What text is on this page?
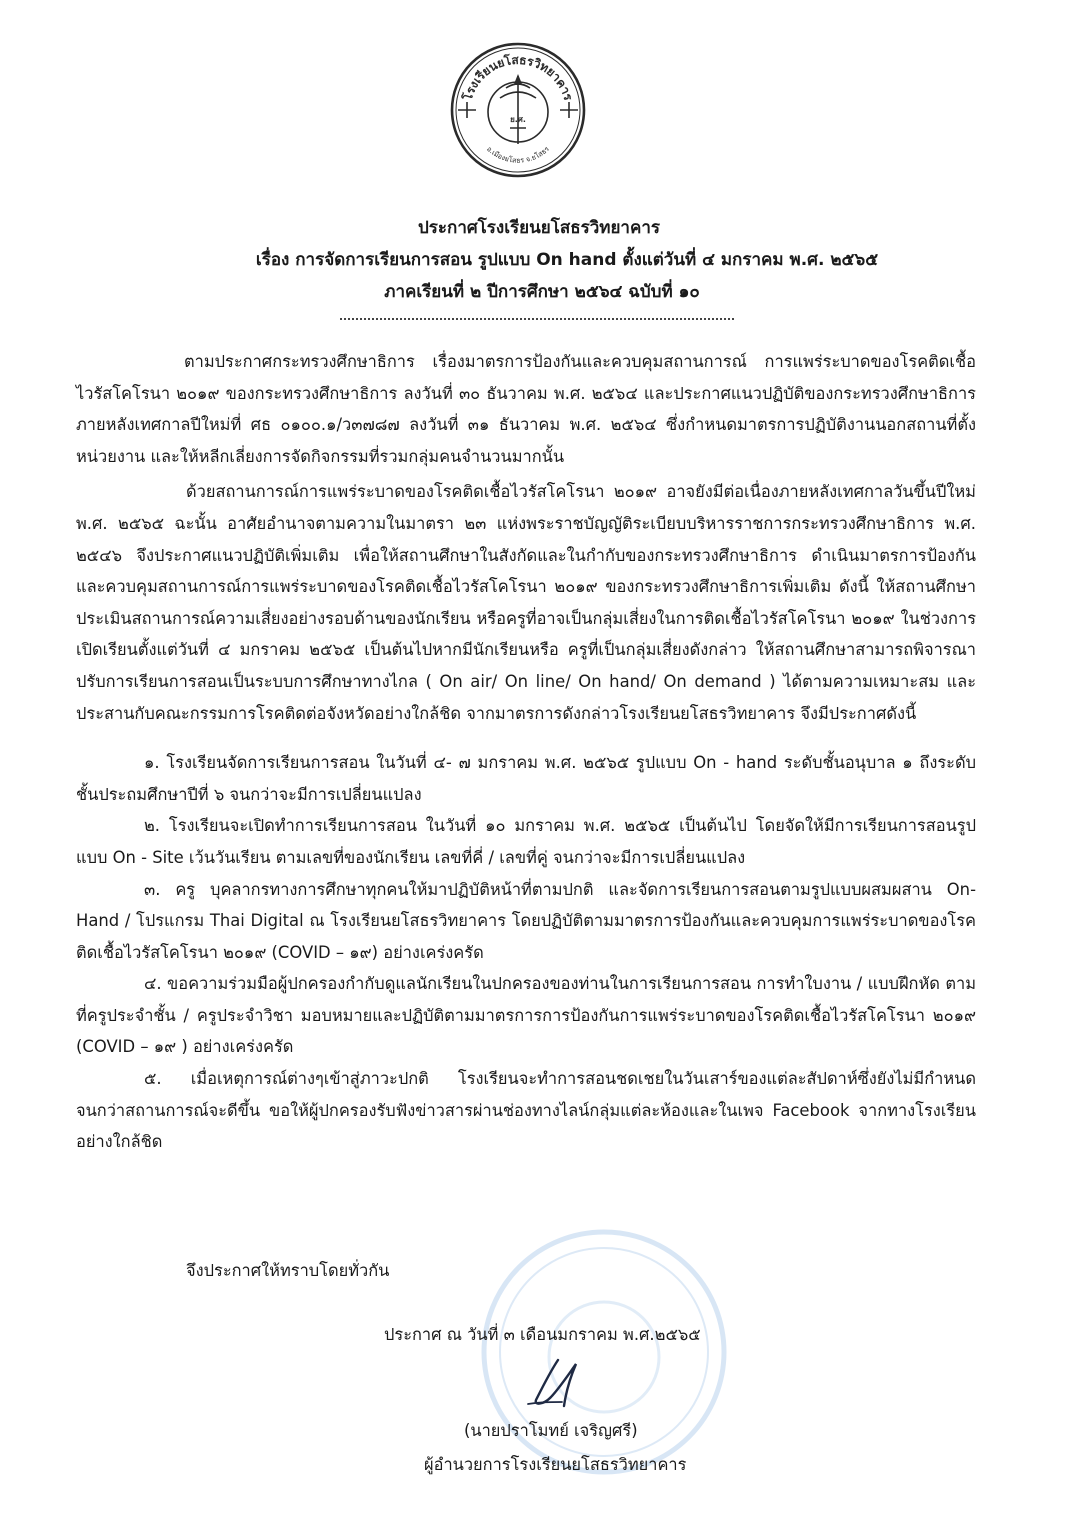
โรงเรียนยโสธรวิทยาคาร
อ.เมืองยโสธร จ.ยโสธร
ย.ศ.
ประกาศโรงเรียนยโสธรวิทยาคาร
เรื่อง การจัดการเรียนการสอน รูปแบบ On hand ตั้งแต่วันที่ ๔ มกราคม พ.ศ. ๒๕๖๕
ภาคเรียนที่ ๒ ปีการศึกษา ๒๕๖๔ ฉบับที่ ๑๐

ตามประกาศกระทรวงศึกษาธิการ เรื่องมาตรการป้องกันและควบคุมสถานการณ์ การแพร่ระบาดของโรคติดเชื้อไวรัสโคโรนา ๒๐๑๙ ของกระทรวงศึกษาธิการ ลงวันที่ ๓๐ ธันวาคม พ.ศ. ๒๕๖๔ และประกาศแนวปฏิบัติของกระทรวงศึกษาธิการภายหลังเทศกาลปีใหม่ที่ ศธ ๐๑๐๐.๑/ว๓๗๘๗ ลงวันที่ ๓๑ ธันวาคม พ.ศ. ๒๕๖๔ ซึ่งกำหนดมาตรการปฏิบัติงานนอกสถานที่ตั้งหน่วยงาน และให้หลีกเลี่ยงการจัดกิจกรรมที่รวมกลุ่มคนจำนวนมากนั้น

ด้วยสถานการณ์การแพร่ระบาดของโรคติดเชื้อไวรัสโคโรนา ๒๐๑๙ อาจยังมีต่อเนื่องภายหลังเทศกาลวันขึ้นปีใหม่ พ.ศ. ๒๕๖๕ ฉะนั้น อาศัยอำนาจตามความในมาตรา ๒๓ แห่งพระราชบัญญัติระเบียบบริหารราชการกระทรวงศึกษาธิการ พ.ศ. ๒๕๔๖ จึงประกาศแนวปฏิบัติเพิ่มเติม เพื่อให้สถานศึกษาในสังกัดและในกำกับของกระทรวงศึกษาธิการ ดำเนินมาตรการป้องกันและควบคุมสถานการณ์การแพร่ระบาดของโรคติดเชื้อไวรัสโคโรนา ๒๐๑๙ ของกระทรวงศึกษาธิการเพิ่มเติม ดังนี้ ให้สถานศึกษาประเมินสถานการณ์ความเสี่ยงอย่างรอบด้านของนักเรียน หรือครูที่อาจเป็นกลุ่มเสี่ยงในการติดเชื้อไวรัสโคโรนา ๒๐๑๙ ในช่วงการเปิดเรียนตั้งแต่วันที่ ๔ มกราคม ๒๕๖๕ เป็นต้นไปหากมีนักเรียนหรือ ครูที่เป็นกลุ่มเสี่ยงดังกล่าว ให้สถานศึกษาสามารถพิจารณาปรับการเรียนการสอนเป็นระบบการศึกษาทางไกล ( On air/ On line/ On hand/ On demand ) ได้ตามความเหมาะสม และประสานกับคณะกรรมการโรคติดต่อจังหวัดอย่างใกล้ชิด จากมาตรการดังกล่าวโรงเรียนยโสธรวิทยาคาร จึงมีประกาศดังนี้

๑. โรงเรียนจัดการเรียนการสอน ในวันที่ ๔- ๗ มกราคม พ.ศ. ๒๕๖๕ รูปแบบ On - hand ระดับชั้นอนุบาล ๑ ถึงระดับชั้นประถมศึกษาปีที่ ๖ จนกว่าจะมีการเปลี่ยนแปลง

๒. โรงเรียนจะเปิดทำการเรียนการสอน ในวันที่ ๑๐ มกราคม พ.ศ. ๒๕๖๕ เป็นต้นไป โดยจัดให้มีการเรียนการสอนรูปแบบ On - Site เว้นวันเรียน ตามเลขที่ของนักเรียน เลขที่คี่ / เลขที่คู่ จนกว่าจะมีการเปลี่ยนแปลง

๓. ครู บุคลากรทางการศึกษาทุกคนให้มาปฏิบัติหน้าที่ตามปกติ และจัดการเรียนการสอนตามรูปแบบผสมผสาน On-Hand / โปรแกรม Thai Digital ณ โรงเรียนยโสธรวิทยาคาร โดยปฏิบัติตามมาตรการป้องกันและควบคุมการแพร่ระบาดของโรคติดเชื้อไวรัสโคโรนา ๒๐๑๙ (COVID – ๑๙) อย่างเคร่งครัด

๔. ขอความร่วมมือผู้ปกครองกำกับดูแลนักเรียนในปกครองของท่านในการเรียนการสอน การทำใบงาน / แบบฝึกหัด ตามที่ครูประจำชั้น / ครูประจำวิชา มอบหมายและปฏิบัติตามมาตรการการป้องกันการแพร่ระบาดของโรคติดเชื้อไวรัสโคโรนา ๒๐๑๙ (COVID – ๑๙ ) อย่างเคร่งครัด

๕. เมื่อเหตุการณ์ต่างๆเข้าสู่ภาวะปกติ โรงเรียนจะทำการสอนชดเชยในวันเสาร์ของแต่ละสัปดาห์ซึ่งยังไม่มีกำหนดจนกว่าสถานการณ์จะดีขึ้น ขอให้ผู้ปกครองรับฟังข่าวสารผ่านช่องทางไลน์กลุ่มแต่ละห้องและในเพจ Facebook จากทางโรงเรียนอย่างใกล้ชิด

จึงประกาศให้ทราบโดยทั่วกัน
ประกาศ ณ วันที่ ๓ เดือนมกราคม พ.ศ.๒๕๖๕
(นายปราโมทย์ เจริญศรี)
ผู้อำนวยการโรงเรียนยโสธรวิทยาคาร
